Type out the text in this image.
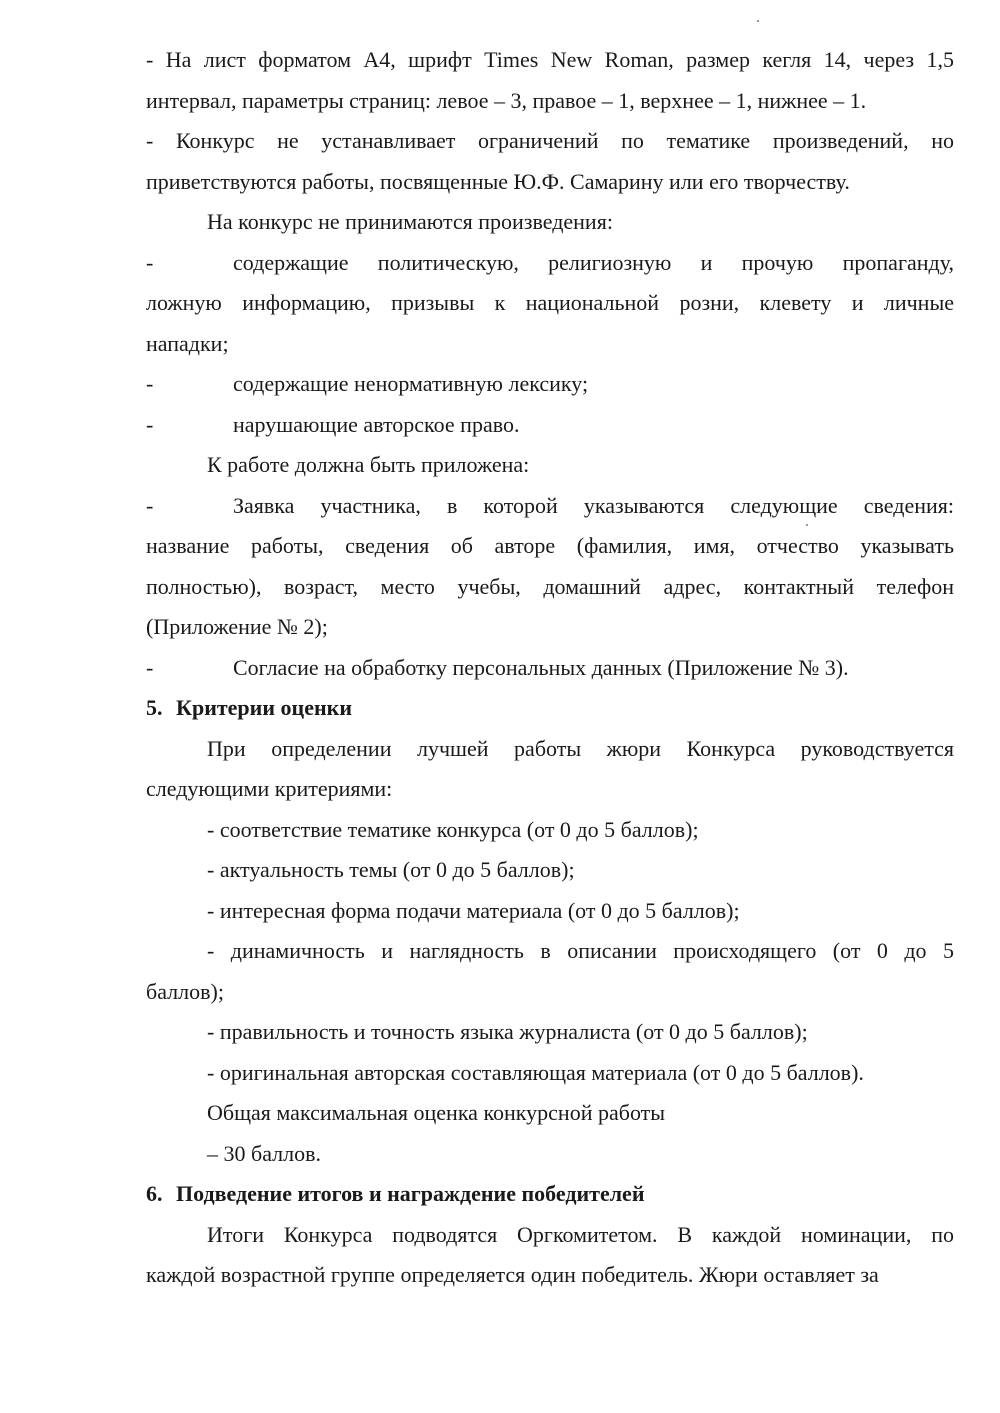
- На лист форматом А4, шрифт Times New Roman, размер кегля 14, через 1,5
интервал, параметры страниц: левое – 3, правое – 1, верхнее – 1, нижнее – 1.
- Конкурс не устанавливает ограничений по тематике произведений, но
приветствуются работы, посвященные Ю.Ф. Самарину или его творчеству.
На конкурс не принимаются произведения:
-	содержащие политическую, религиозную и прочую пропаганду,
ложную информацию, призывы к национальной розни, клевету и личные
нападки;
-	содержащие ненормативную лексику;
-	нарушающие авторское право.
К работе должна быть приложена:
-	Заявка участника, в которой указываются следующие сведения:
название работы, сведения об авторе (фамилия, имя, отчество указывать
полностью), возраст, место учебы, домашний адрес, контактный телефон
(Приложение № 2);
-	Согласие на обработку персональных данных (Приложение № 3).
5. Критерии оценки
При определении лучшей работы жюри Конкурса руководствуется
следующими критериями:
- соответствие тематике конкурса (от 0 до 5 баллов);
- актуальность темы (от 0 до 5 баллов);
- интересная форма подачи материала (от 0 до 5 баллов);
- динамичность и наглядность в описании происходящего (от 0 до 5
баллов);
- правильность и точность языка журналиста (от 0 до 5 баллов);
- оригинальная авторская составляющая материала (от 0 до 5 баллов).
Общая максимальная оценка конкурсной работы
– 30 баллов.
6. Подведение итогов и награждение победителей
Итоги Конкурса подводятся Оргкомитетом. В каждой номинации, по
каждой возрастной группе определяется один победитель. Жюри оставляет за
